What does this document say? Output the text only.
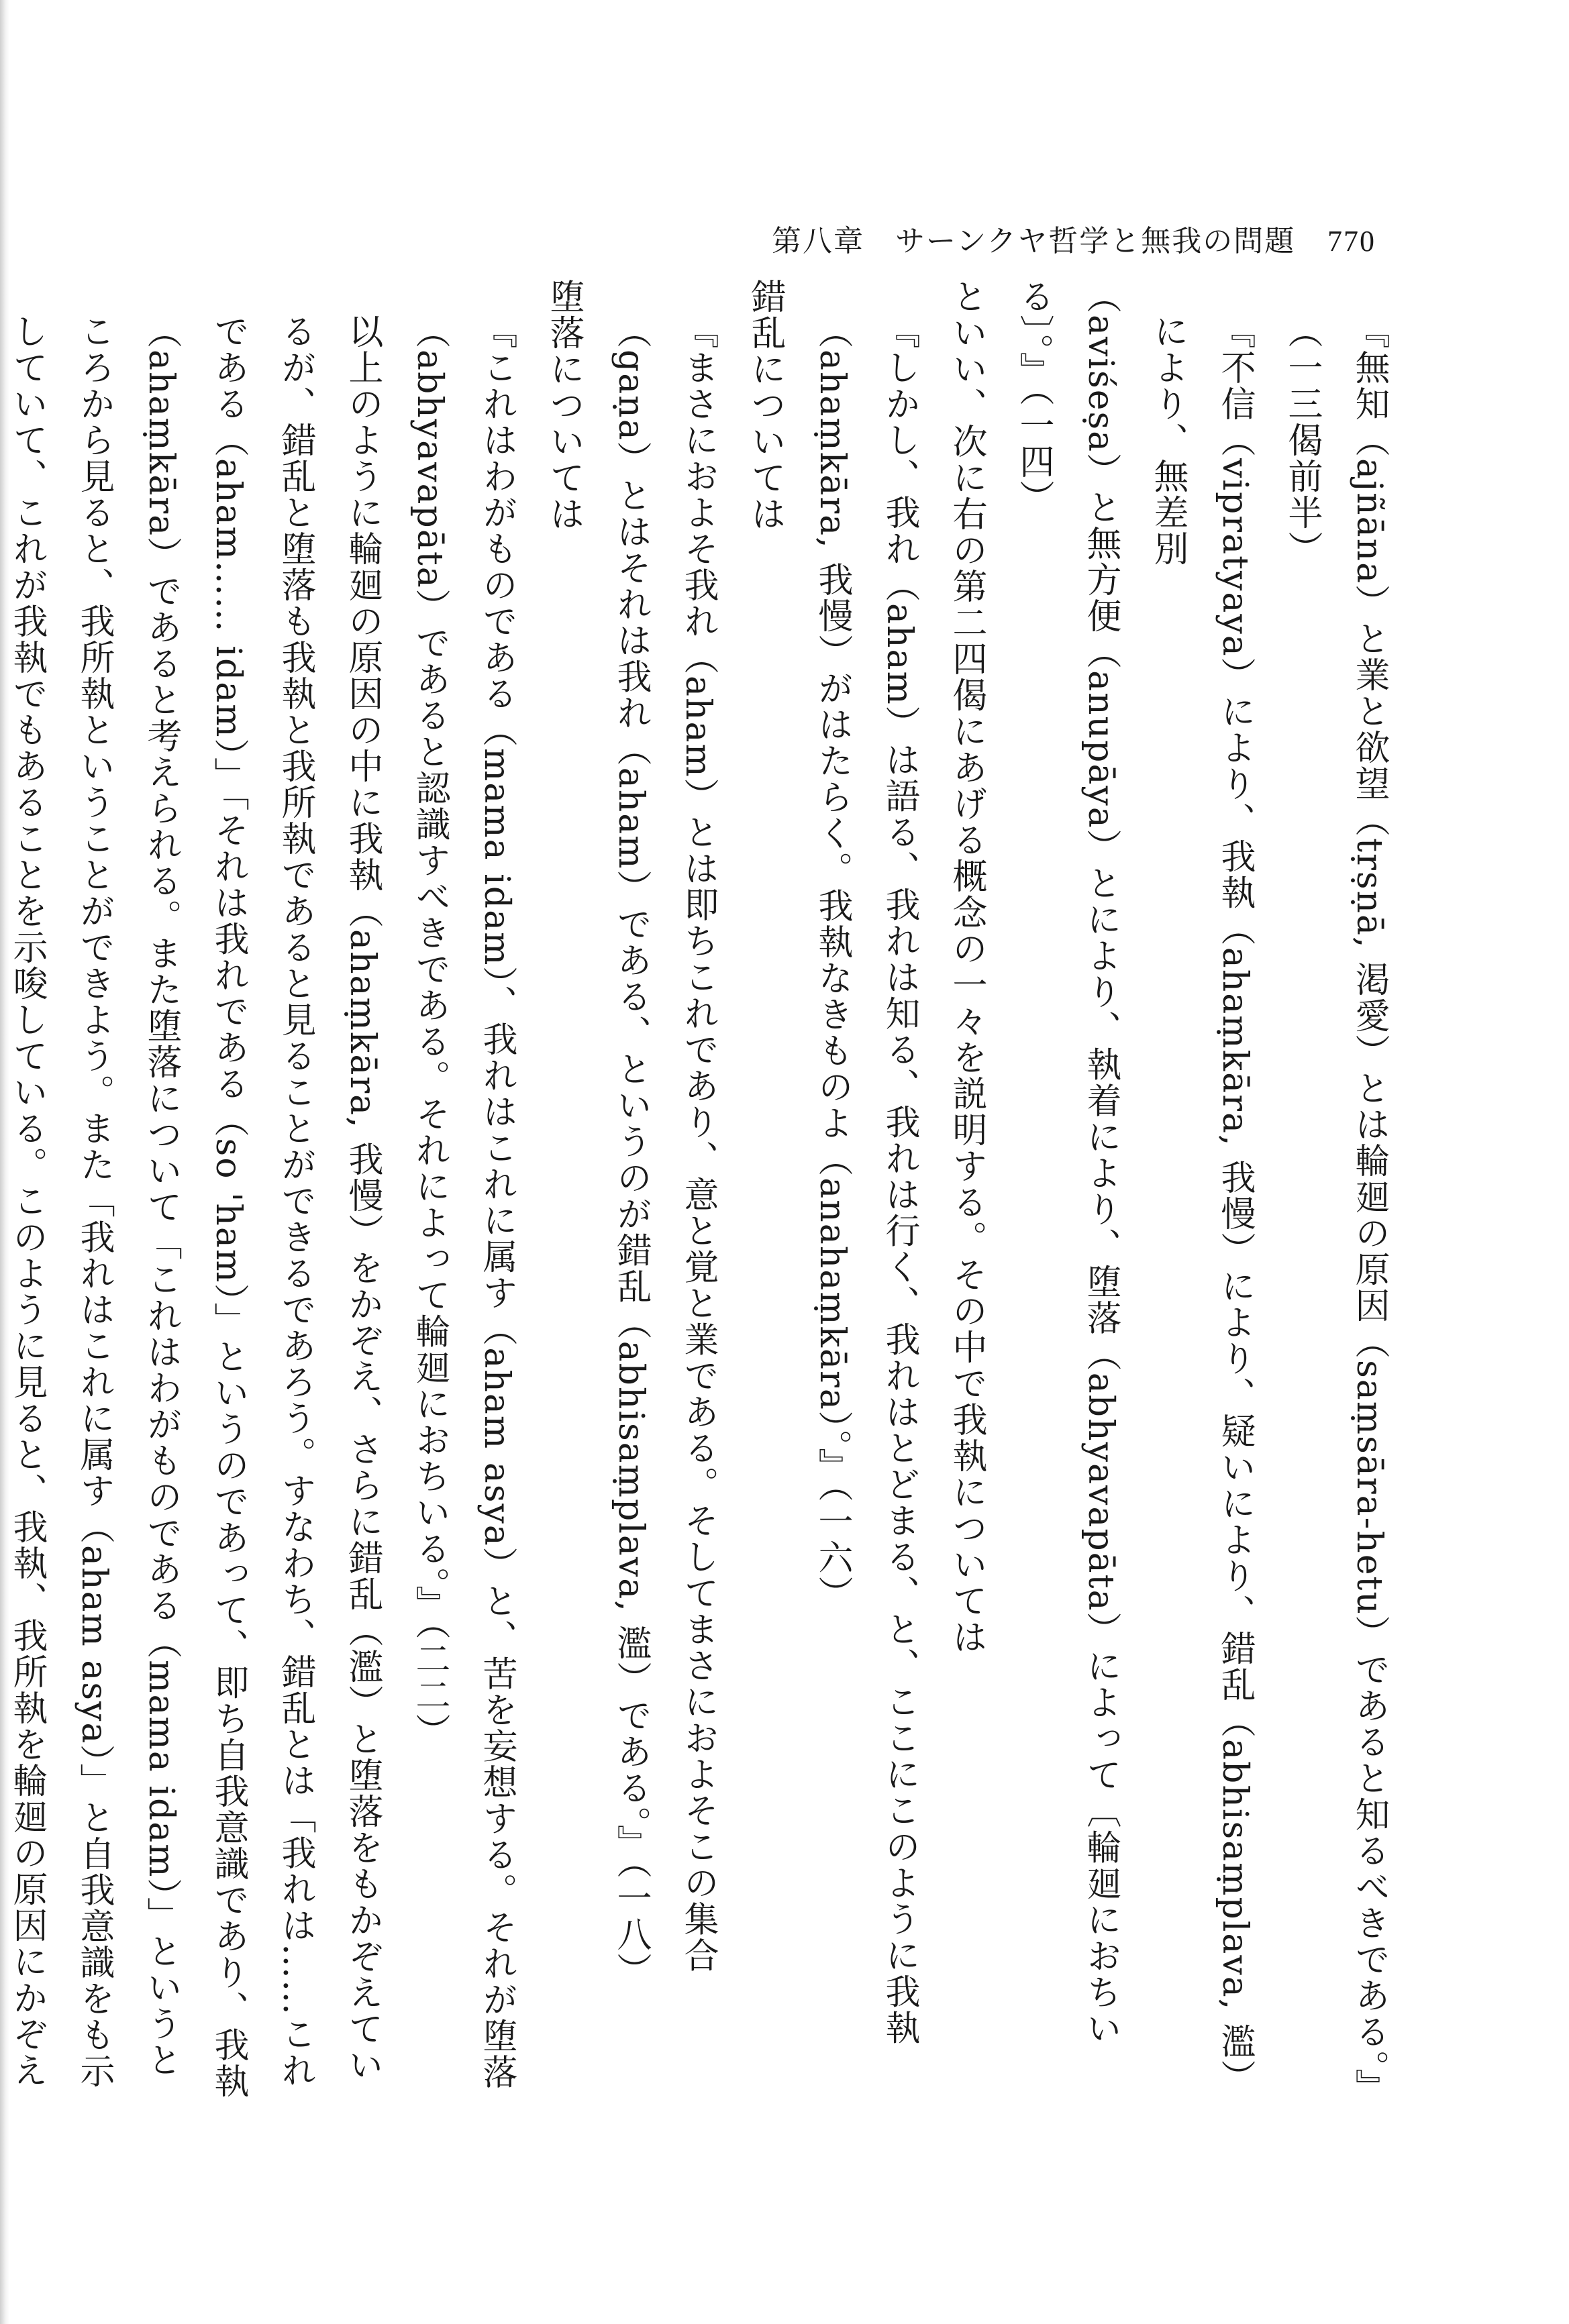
第八章　サーンクヤ哲学と無我の問題 770

『無知（ajñāna）と業と欲望（tṛṣṇā, 渇愛）とは輪廻の原因（saṃsāra-hetu）であると知るべきである。』（一三偈前半）

『不信（vipratyaya）により、我執（ahaṃkāra, 我慢）により、疑いにより、錯乱（abhisaṃplava, 濫）により、無差別

（aviśeṣa）と無方便（anupāya）とにより、執着により、堕落（abhyavapāta）によって〔輪廻におちいる〕。』（一四）

といい、次に右の第二四偈にあげる概念の一々を説明する。その中で我執については

『しかし、我れ（aham）は語る、我れは知る、我れは行く、我れはとどまる、と、ここにこのように我執（ahaṃkāra, 我慢）がはたらく。我執なきものよ（anahaṃkāra）。』（一六）

錯乱については

『まさにおよそ我れ（aham）とは即ちこれであり、意と覚と業である。そしてまさにおよそこの集合（gaṇa）とはそれは我れ（aham）である、というのが錯乱（abhisaṃplava, 濫）である。』（一八）

堕落については

『これはわがものである（mama idam）、我れはこれに属す（aham asya）と、苦を妄想する。それが堕落（abhyavapāta）であると認識すべきである。それによって輪廻におちいる。』（二二）

以上のように輪廻の原因の中に我執（ahaṃkāra, 我慢）をかぞえ、さらに錯乱（濫）と堕落をもかぞえているが、錯乱と堕落も我執と我所執であると見ることができるであろう。すなわち、錯乱とは「我れは……これである（aham…… idam）」「それは我れである（so 'ham）」というのであって、即ち自我意識であり、我執（ahaṃkāra）であると考えられる。また堕落について「これはわがものである（mama idam）」というところから見ると、我所執ということができよう。また「我れはこれに属す（aham asya）」と自我意識をも示していて、これが我執でもあることを示唆している。このように見ると、我執、我所執を輪廻の原因にかぞえ
